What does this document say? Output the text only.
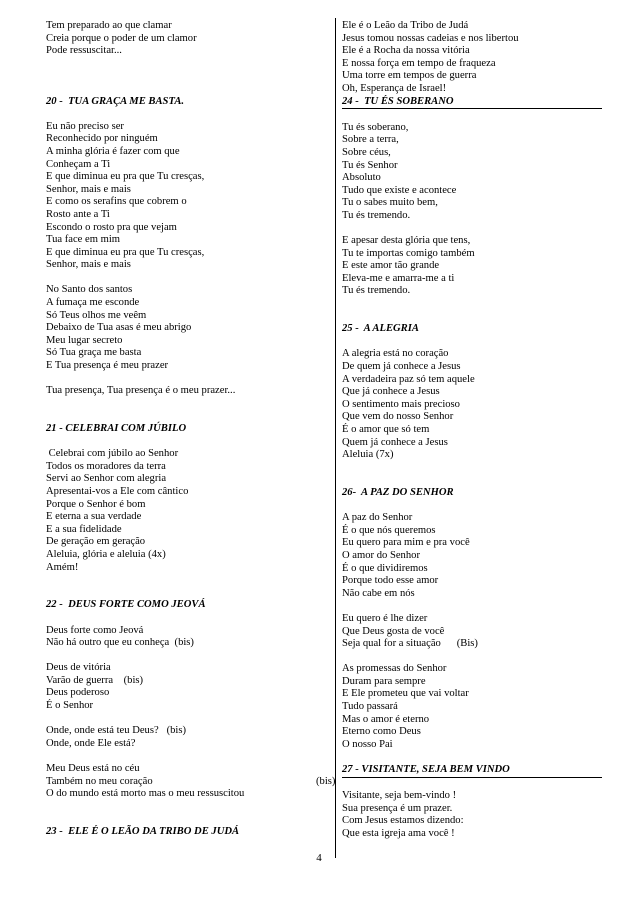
Tem preparado ao que clamar
Creia porque o poder de um clamor
Pode ressuscitar...
20 -  TUA GRAÇA ME BASTA.
Eu não preciso ser
Reconhecido por ninguém
A minha glória é fazer com que
Conheçam a Ti
E que diminua eu pra que Tu cresças,
Senhor, mais e mais
E como os serafins que cobrem o
Rosto ante a Ti
Escondo o rosto pra que vejam
Tua face em mim
E que diminua eu pra que Tu cresças,
Senhor, mais e mais
No Santo dos santos
A fumaça me esconde
Só Teus olhos me veêm
Debaixo de Tua asas é meu abrigo
Meu lugar secreto
Só Tua graça me basta
E Tua presença é meu prazer
Tua presença, Tua presença é o meu prazer...
21 - CELEBRAI COM JÚBILO
Celebrai com júbilo ao Senhor
Todos os moradores da terra
Servi ao Senhor com alegria
Apresentai-vos a Ele com cântico
Porque o Senhor é bom
E eterna a sua verdade
E a sua fidelidade
De geração em geração
Aleluia, glória e aleluia (4x)
Amém!
22 -  DEUS FORTE COMO JEOVÁ
Deus forte como Jeová
Não há outro que eu conheça  (bis)
Deus de vitória
Varão de guerra    (bis)
Deus poderoso
É o Senhor
Onde, onde está teu Deus?   (bis)
Onde, onde Ele está?
Meu Deus está no céu
Também no meu coração	(bis)
O do mundo está morto mas o meu ressuscitou
23 -  ELE É O LEÃO DA TRIBO DE JUDÁ
Ele é o Leão da Tribo de Judá
Jesus tomou nossas cadeias e nos libertou
Ele é a Rocha da nossa vitória
E nossa força em tempo de fraqueza
Uma torre em tempos de guerra
Oh, Esperança de Israel!
24 -  TU ÉS SOBERANO
Tu és soberano,
Sobre a terra,
Sobre céus,
Tu és Senhor
Absoluto
Tudo que existe e acontece
Tu o sabes muito bem,
Tu és tremendo.
E apesar desta glória que tens,
Tu te importas comigo também
E este amor tão grande
Eleva-me e amarra-me a ti
Tu és tremendo.
25 -  A ALEGRIA
A alegria está no coração
De quem já conhece a Jesus
A verdadeira paz só tem aquele
Que já conhece a Jesus
O sentimento mais precioso
Que vem do nosso Senhor
É o amor que só tem
Quem já conhece a Jesus
Aleluia (7x)
26-  A PAZ DO SENHOR
A paz do Senhor
É o que nós queremos
Eu quero para mim e pra você
O amor do Senhor
É o que dividiremos
Porque todo esse amor
Não cabe em nós
Eu quero é lhe dizer
Que Deus gosta de você
Seja qual for a situação      (Bis)
As promessas do Senhor
Duram para sempre
E Ele prometeu que vai voltar
Tudo passará
Mas o amor é eterno
Eterno como Deus
O nosso Pai
27 - VISITANTE, SEJA BEM VINDO
Visitante, seja bem-vindo !
Sua presença é um prazer.
Com Jesus estamos dizendo:
Que esta igreja ama você !
4
